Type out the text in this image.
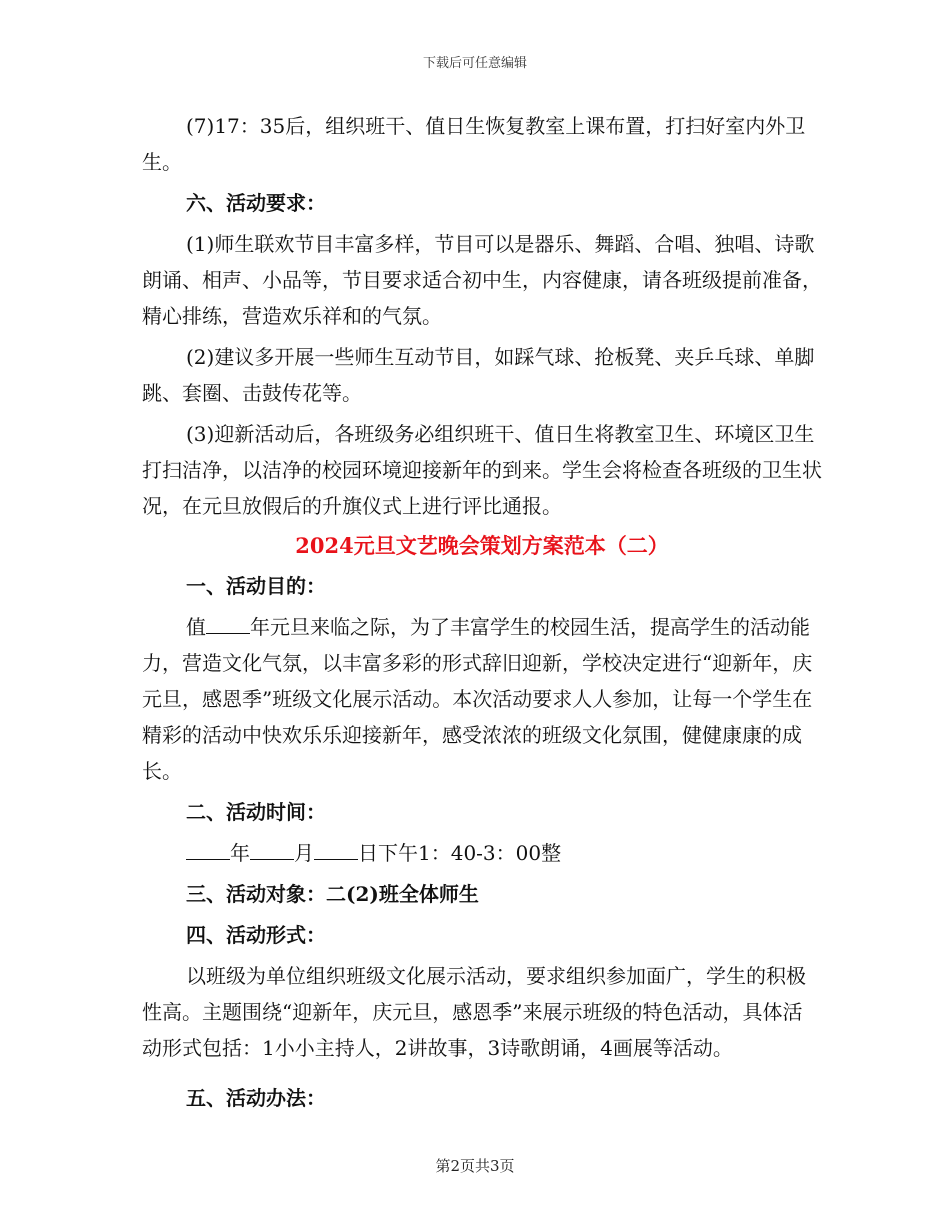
下载后可任意编辑

(7)17：35后，组织班干、值日生恢复教室上课布置，打扫好室内外卫生。

六、活动要求：

(1)师生联欢节目丰富多样，节目可以是器乐、舞蹈、合唱、独唱、诗歌朗诵、相声、小品等，节目要求适合初中生，内容健康，请各班级提前准备，精心排练，营造欢乐祥和的气氛。

(2)建议多开展一些师生互动节目，如踩气球、抢板凳、夹乒乓球、单脚跳、套圈、击鼓传花等。

(3)迎新活动后，各班级务必组织班干、值日生将教室卫生、环境区卫生打扫洁净，以洁净的校园环境迎接新年的到来。学生会将检查各班级的卫生状况，在元旦放假后的升旗仪式上进行评比通报。

2024元旦文艺晚会策划方案范本（二）

一、活动目的：

值 年元旦来临之际，为了丰富学生的校园生活，提高学生的活动能力，营造文化气氛，以丰富多彩的形式辞旧迎新，学校决定进行“迎新年，庆元旦，感恩季”班级文化展示活动。本次活动要求人人参加，让每一个学生在精彩的活动中快欢乐乐迎接新年，感受浓浓的班级文化氛围，健健康康的成长。

二、活动时间：

年 月 日下午1：40-3：00整

三、活动对象：二(2)班全体师生

四、活动形式：

以班级为单位组织班级文化展示活动，要求组织参加面广，学生的积极性高。主题围绕“迎新年，庆元旦，感恩季”来展示班级的特色活动，具体活动形式包括：1小小主持人，2讲故事，3诗歌朗诵，4画展等活动。

五、活动办法：

第2页共3页
